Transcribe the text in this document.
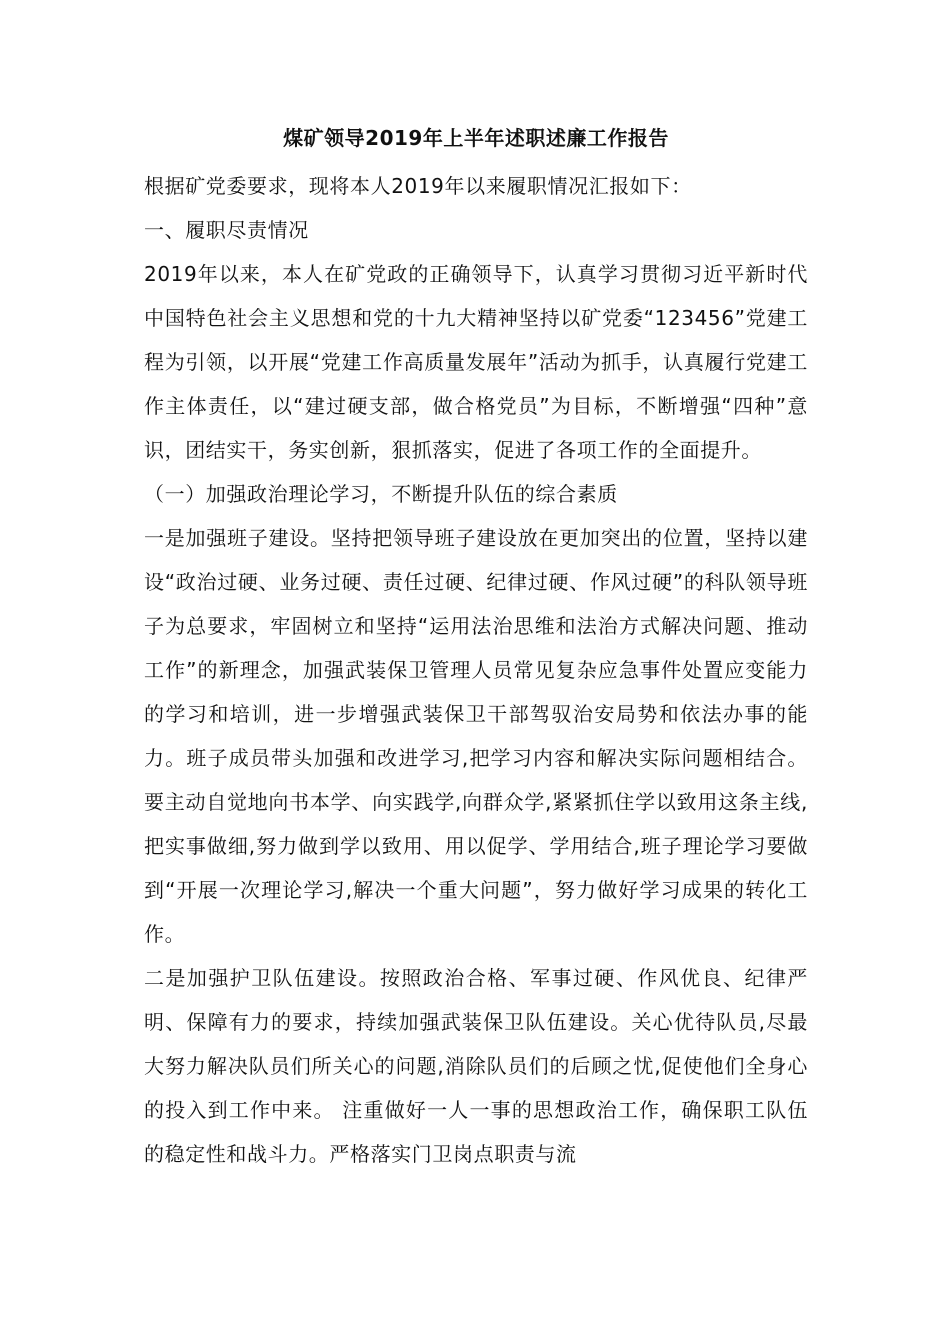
煤矿领导2019年上半年述职述廉工作报告

根据矿党委要求，现将本人2019年以来履职情况汇报如下：

一、履职尽责情况

2019年以来，本人在矿党政的正确领导下，认真学习贯彻习近平新时代中国特色社会主义思想和党的十九大精神坚持以矿党委“123456”党建工程为引领，以开展“党建工作高质量发展年”活动为抓手，认真履行党建工作主体责任，以“建过硬支部，做合格党员”为目标，不断增强“四种”意识，团结实干，务实创新，狠抓落实，促进了各项工作的全面提升。

（一）加强政治理论学习，不断提升队伍的综合素质

一是加强班子建设。坚持把领导班子建设放在更加突出的位置，坚持以建设“政治过硬、业务过硬、责任过硬、纪律过硬、作风过硬”的科队领导班子为总要求，牢固树立和坚持“运用法治思维和法治方式解决问题、推动工作”的新理念，加强武装保卫管理人员常见复杂应急事件处置应变能力的学习和培训，进一步增强武装保卫干部驾驭治安局势和依法办事的能力。班子成员带头加强和改进学习,把学习内容和解决实际问题相结合。要主动自觉地向书本学、向实践学,向群众学,紧紧抓住学以致用这条主线,把实事做细,努力做到学以致用、用以促学、学用结合,班子理论学习要做到“开展一次理论学习,解决一个重大问题”，努力做好学习成果的转化工作。

二是加强护卫队伍建设。按照政治合格、军事过硬、作风优良、纪律严明、保障有力的要求，持续加强武装保卫队伍建设。关心优待队员,尽最大努力解决队员们所关心的问题,消除队员们的后顾之忧,促使他们全身心的投入到工作中来。 注重做好一人一事的思想政治工作，确保职工队伍的稳定性和战斗力。严格落实门卫岗点职责与流
